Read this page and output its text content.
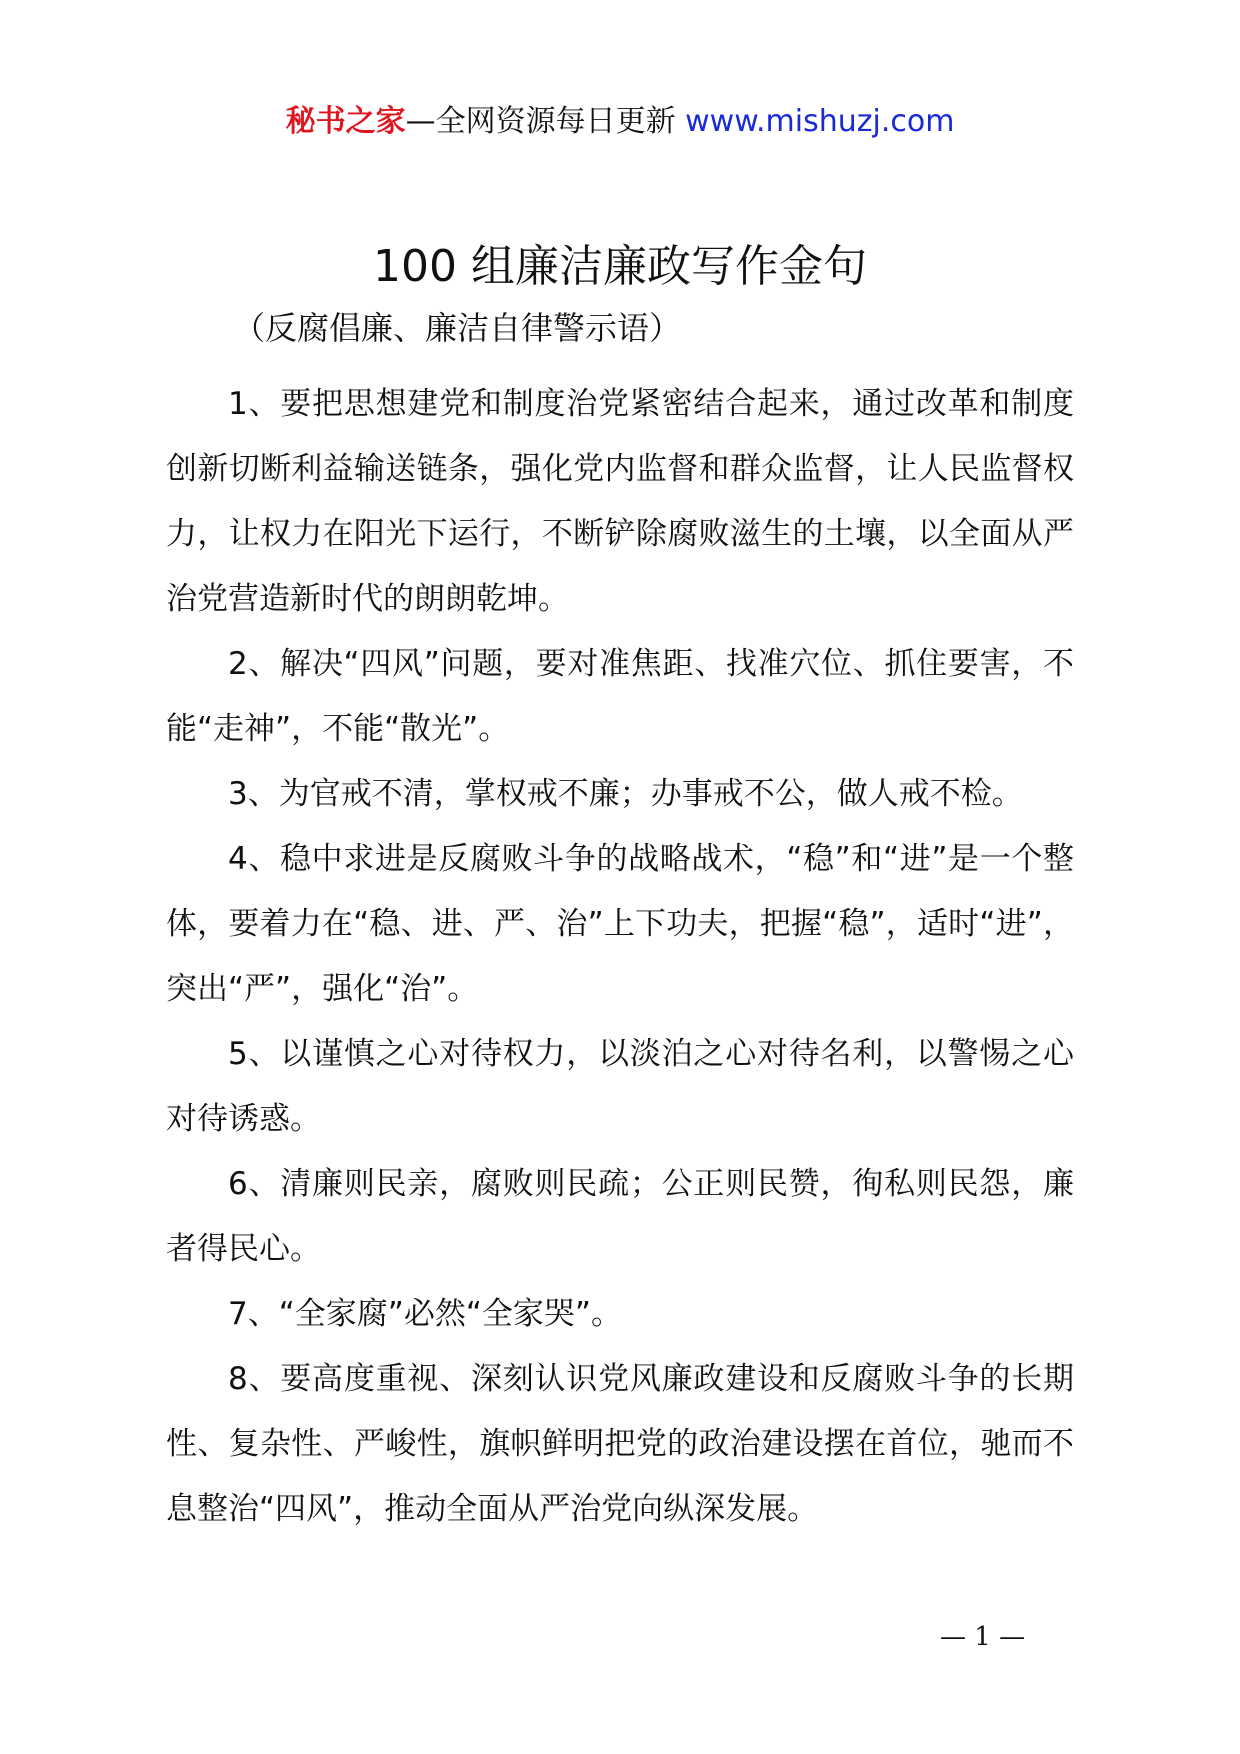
秘书之家—全网资源每日更新 www.mishuzj.com
100 组廉洁廉政写作金句
（反腐倡廉、廉洁自律警示语）

1、要把思想建党和制度治党紧密结合起来，通过改革和制度创新切断利益输送链条，强化党内监督和群众监督，让人民监督权力，让权力在阳光下运行，不断铲除腐败滋生的土壤，以全面从严治党营造新时代的朗朗乾坤。

2、解决“四风”问题，要对准焦距、找准穴位、抓住要害，不能“走神”，不能“散光”。

3、为官戒不清，掌权戒不廉；办事戒不公，做人戒不检。

4、稳中求进是反腐败斗争的战略战术，“稳”和“进”是一个整体，要着力在“稳、进、严、治”上下功夫，把握“稳”，适时“进”，突出“严”，强化“治”。

5、以谨慎之心对待权力，以淡泊之心对待名利，以警惕之心对待诱惑。

6、清廉则民亲，腐败则民疏；公正则民赞，徇私则民怨，廉者得民心。

7、“全家腐”必然“全家哭”。

8、要高度重视、深刻认识党风廉政建设和反腐败斗争的长期性、复杂性、严峻性，旗帜鲜明把党的政治建设摆在首位，驰而不息整治“四风”，推动全面从严治党向纵深发展。

— 1 —
